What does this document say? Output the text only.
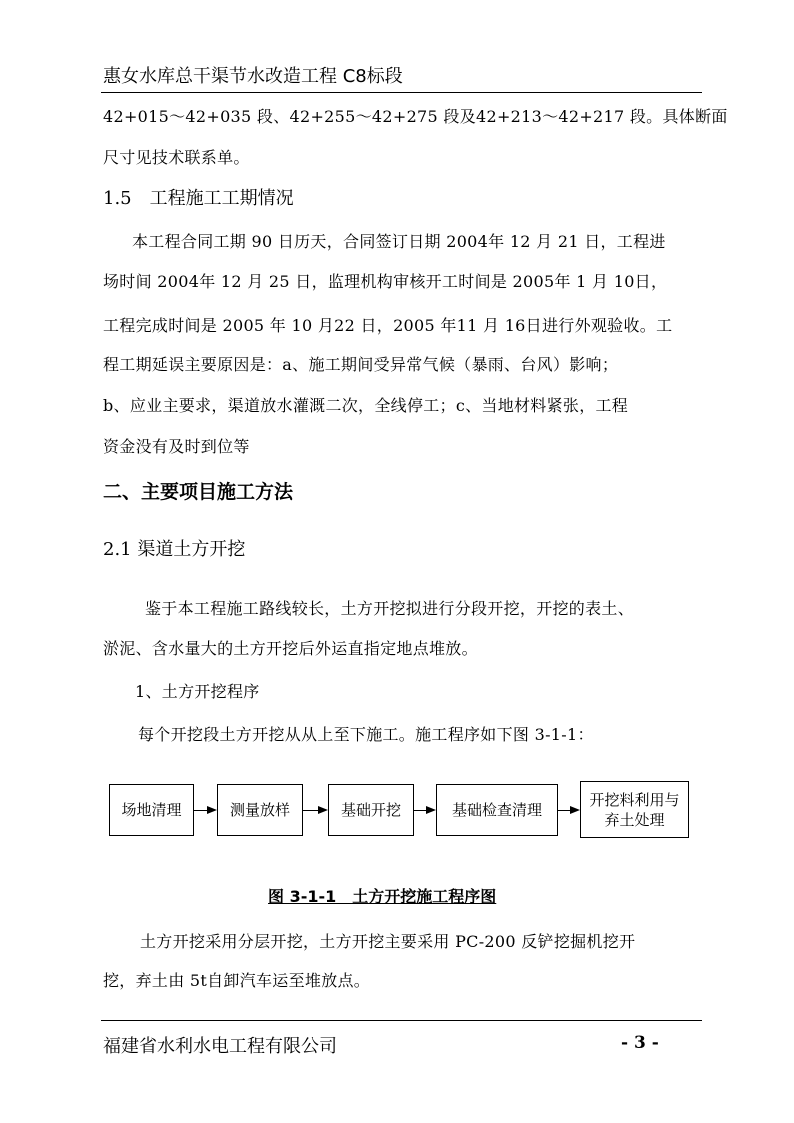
惠女水库总干渠节水改造工程 C8标段
42+015～42+035 段、42+255～42+275 段及42+213～42+217 段。具体断面
尺寸见技术联系单。
1.5　工程施工工期情况
本工程合同工期 90 日历天，合同签订日期 2004年 12 月 21 日，工程进
场时间 2004年 12 月 25 日，监理机构审核开工时间是 2005年 1 月 10日，
工程完成时间是 2005 年 10 月22 日，2005 年11 月 16日进行外观验收。工
程工期延误主要原因是：a、施工期间受异常气候（暴雨、台风）影响；
b、应业主要求，渠道放水灌溉二次，全线停工；c、当地材料紧张，工程
资金没有及时到位等
二、主要项目施工方法
2.1 渠道土方开挖
鉴于本工程施工路线较长，土方开挖拟进行分段开挖，开挖的表土、
淤泥、含水量大的土方开挖后外运直指定地点堆放。
1、土方开挖程序
每个开挖段土方开挖从从上至下施工。施工程序如下图 3-1-1：
场地清理	测量放样	基础开挖	基础检查清理
开挖料利用与
弃土处理
图 3-1-1　土方开挖施工程序图
土方开挖采用分层开挖，土方开挖主要采用 PC-200 反铲挖掘机挖开
挖，弃土由 5t自卸汽车运至堆放点。
福建省水利水电工程有限公司	- 3 -
